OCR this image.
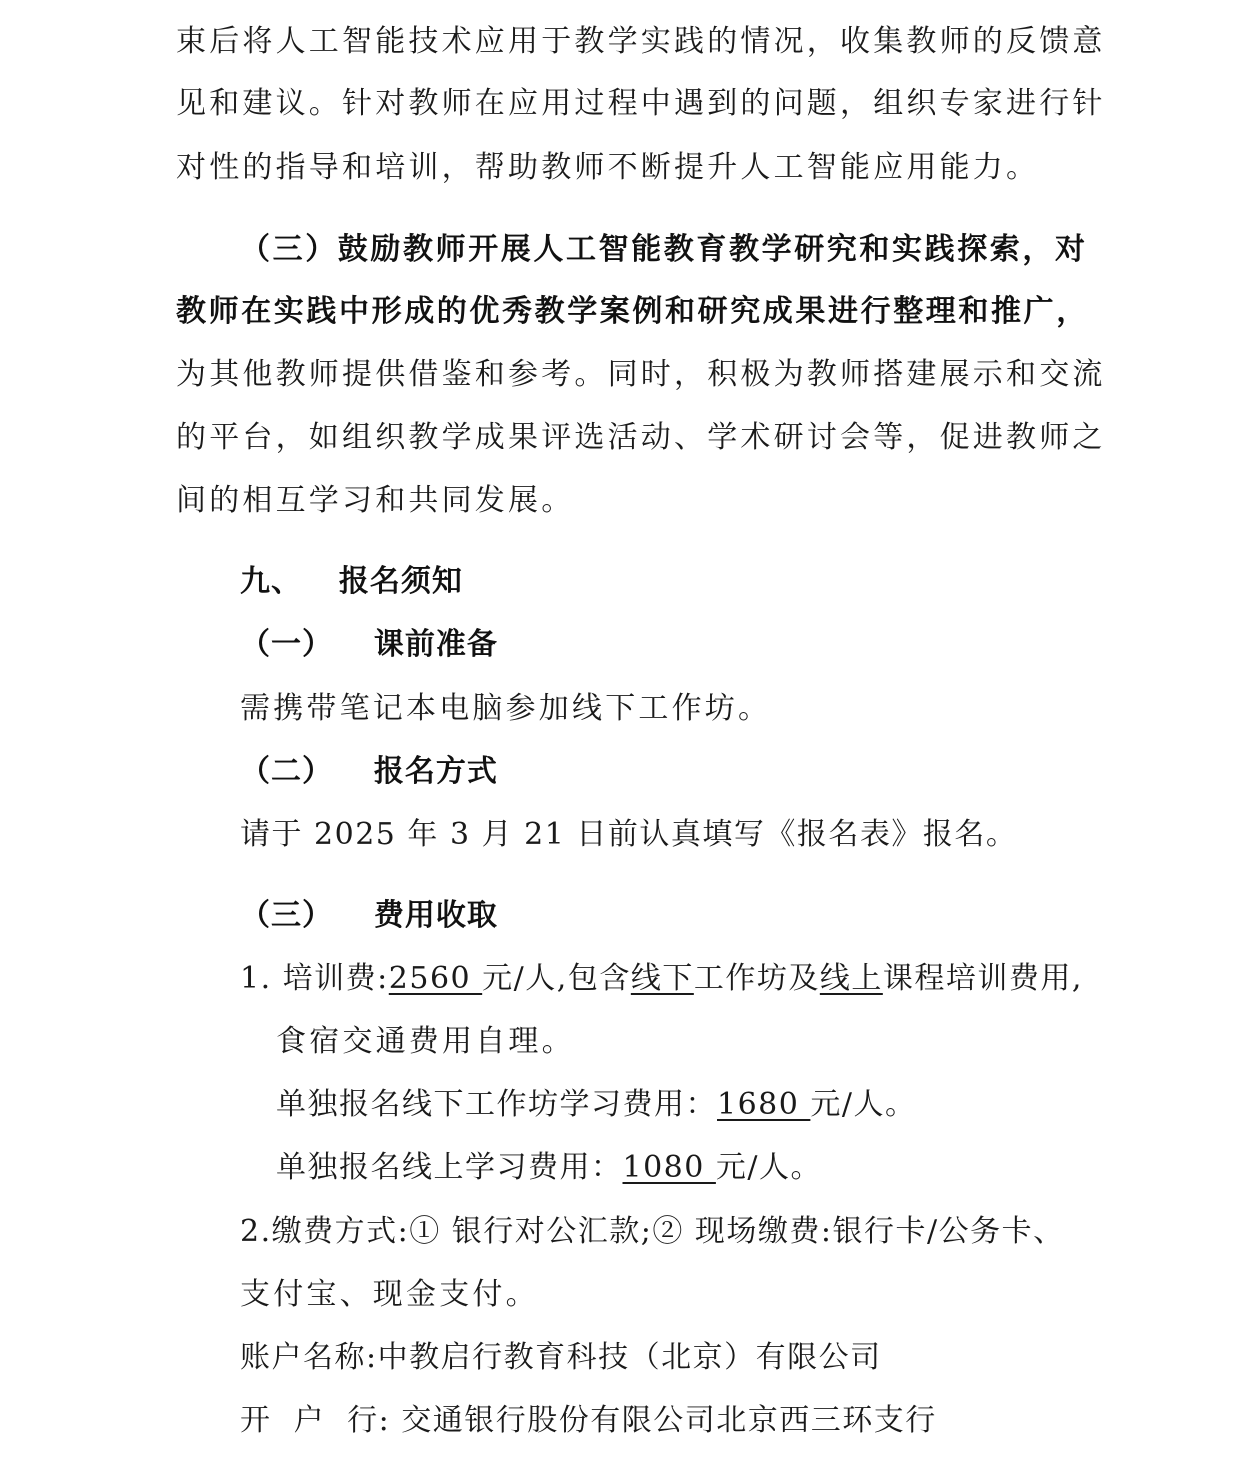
束后将人工智能技术应用于教学实践的情况，收集教师的反馈意
见和建议。针对教师在应用过程中遇到的问题，组织专家进行针
对性的指导和培训，帮助教师不断提升人工智能应用能力。
（三）鼓励教师开展人工智能教育教学研究和实践探索，对
教师在实践中形成的优秀教学案例和研究成果进行整理和推广，
为其他教师提供借鉴和参考。同时，积极为教师搭建展示和交流
的平台，如组织教学成果评选活动、学术研讨会等，促进教师之
间的相互学习和共同发展。
九、 报名须知
（一） 课前准备
需携带笔记本电脑参加线下工作坊。
（二） 报名方式
请于 2025 年 3 月 21 日前认真填写《报名表》报名。
（三） 费用收取
1. 培训费:2560 元/人,包含线下工作坊及线上课程培训费用,
食宿交通费用自理。
单独报名线下工作坊学习费用：1680 元/人。
单独报名线上学习费用：1080 元/人。
2.缴费方式:① 银行对公汇款;② 现场缴费:银行卡/公务卡、
支付宝、现金支付。
账户名称:中教启行教育科技（北京）有限公司
开  户  行: 交通银行股份有限公司北京西三环支行
